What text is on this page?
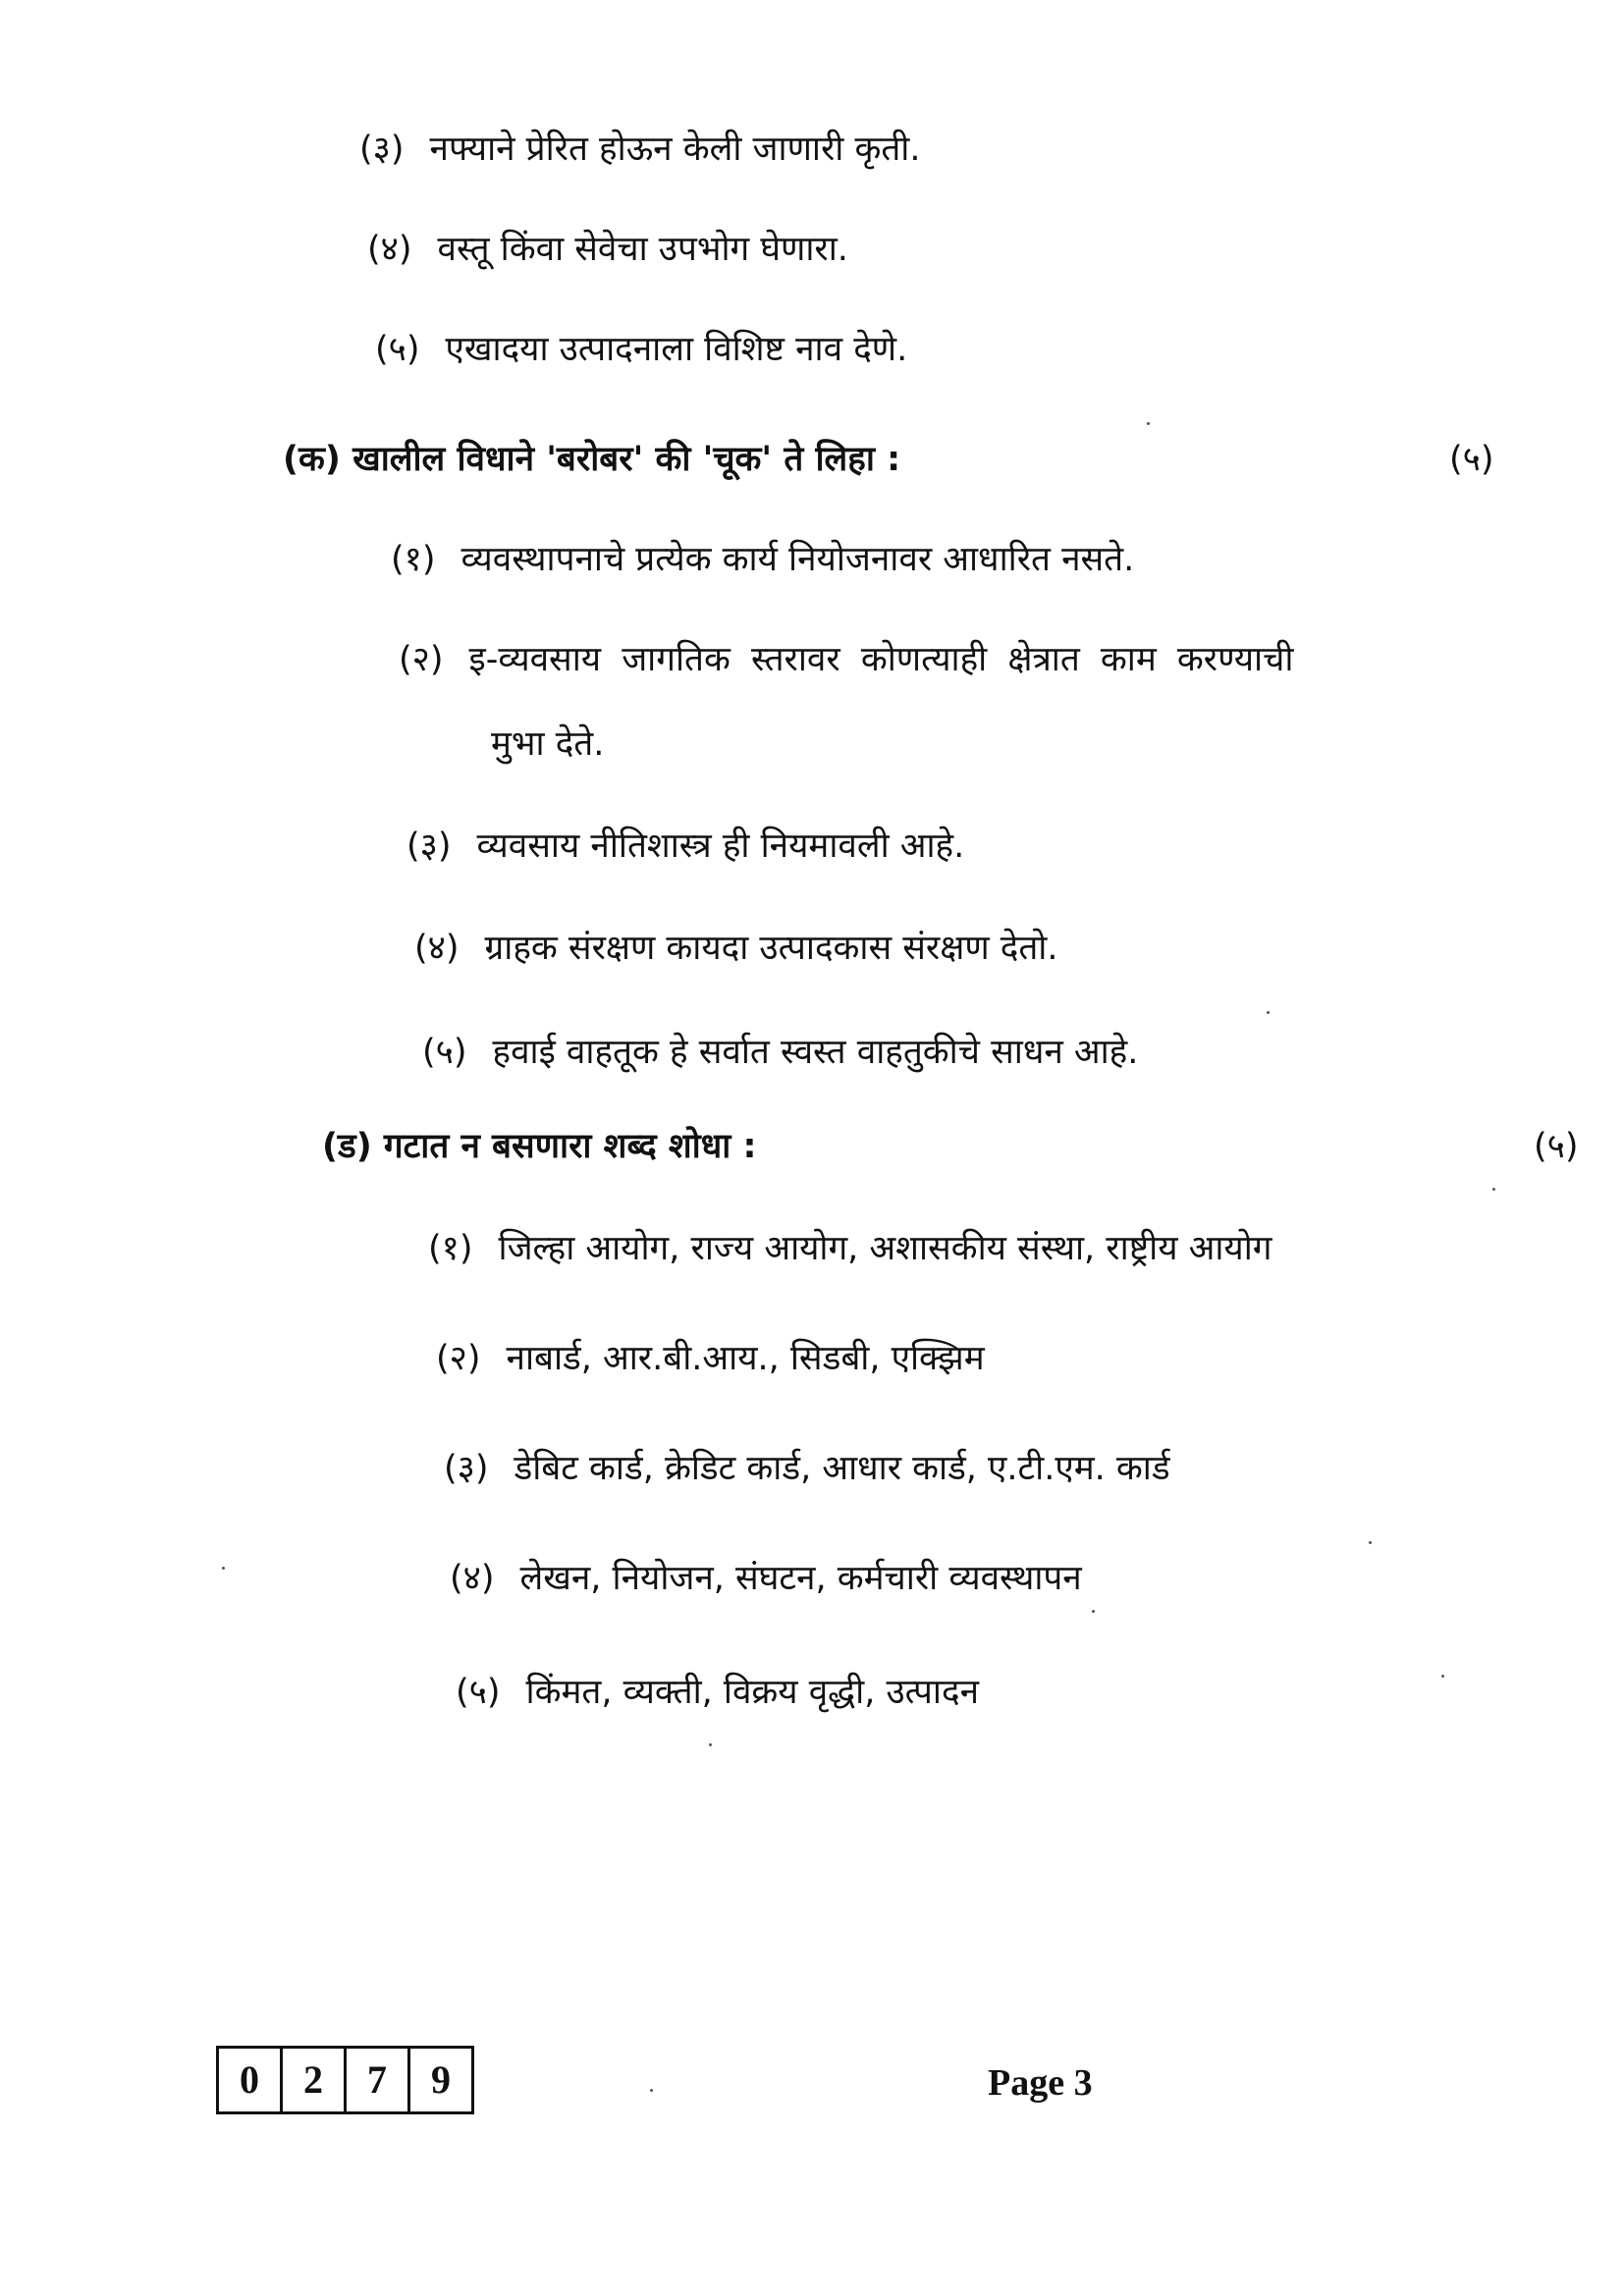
(३) नफ्याने प्रेरित होऊन केली जाणारी कृती.
(४) वस्तू किंवा सेवेचा उपभोग घेणारा.
(५) एखादया उत्पादनाला विशिष्ट नाव देणे.
(क) खालील विधाने 'बरोबर' की 'चूक' ते लिहा :	(५)
(१) व्यवस्थापनाचे प्रत्येक कार्य नियोजनावर आधारित नसते.
(२) इ-व्यवसाय जागतिक स्तरावर कोणत्याही क्षेत्रात काम करण्याची
मुभा देते.
(३) व्यवसाय नीतिशास्त्र ही नियमावली आहे.
(४) ग्राहक संरक्षण कायदा उत्पादकास संरक्षण देतो.
(५) हवाई वाहतूक हे सर्वात स्वस्त वाहतुकीचे साधन आहे.
(ड) गटात न बसणारा शब्द शोधा :	(५)
(१) जिल्हा आयोग, राज्य आयोग, अशासकीय संस्था, राष्ट्रीय आयोग
(२) नाबार्ड, आर.बी.आय., सिडबी, एक्झिम
(३) डेबिट कार्ड, क्रेडिट कार्ड, आधार कार्ड, ए.टी.एम. कार्ड
(४) लेखन, नियोजन, संघटन, कर्मचारी व्यवस्थापन
(५) किंमत, व्यक्ती, विक्रय वृद्धी, उत्पादन
0	2	7	9	Page 3
